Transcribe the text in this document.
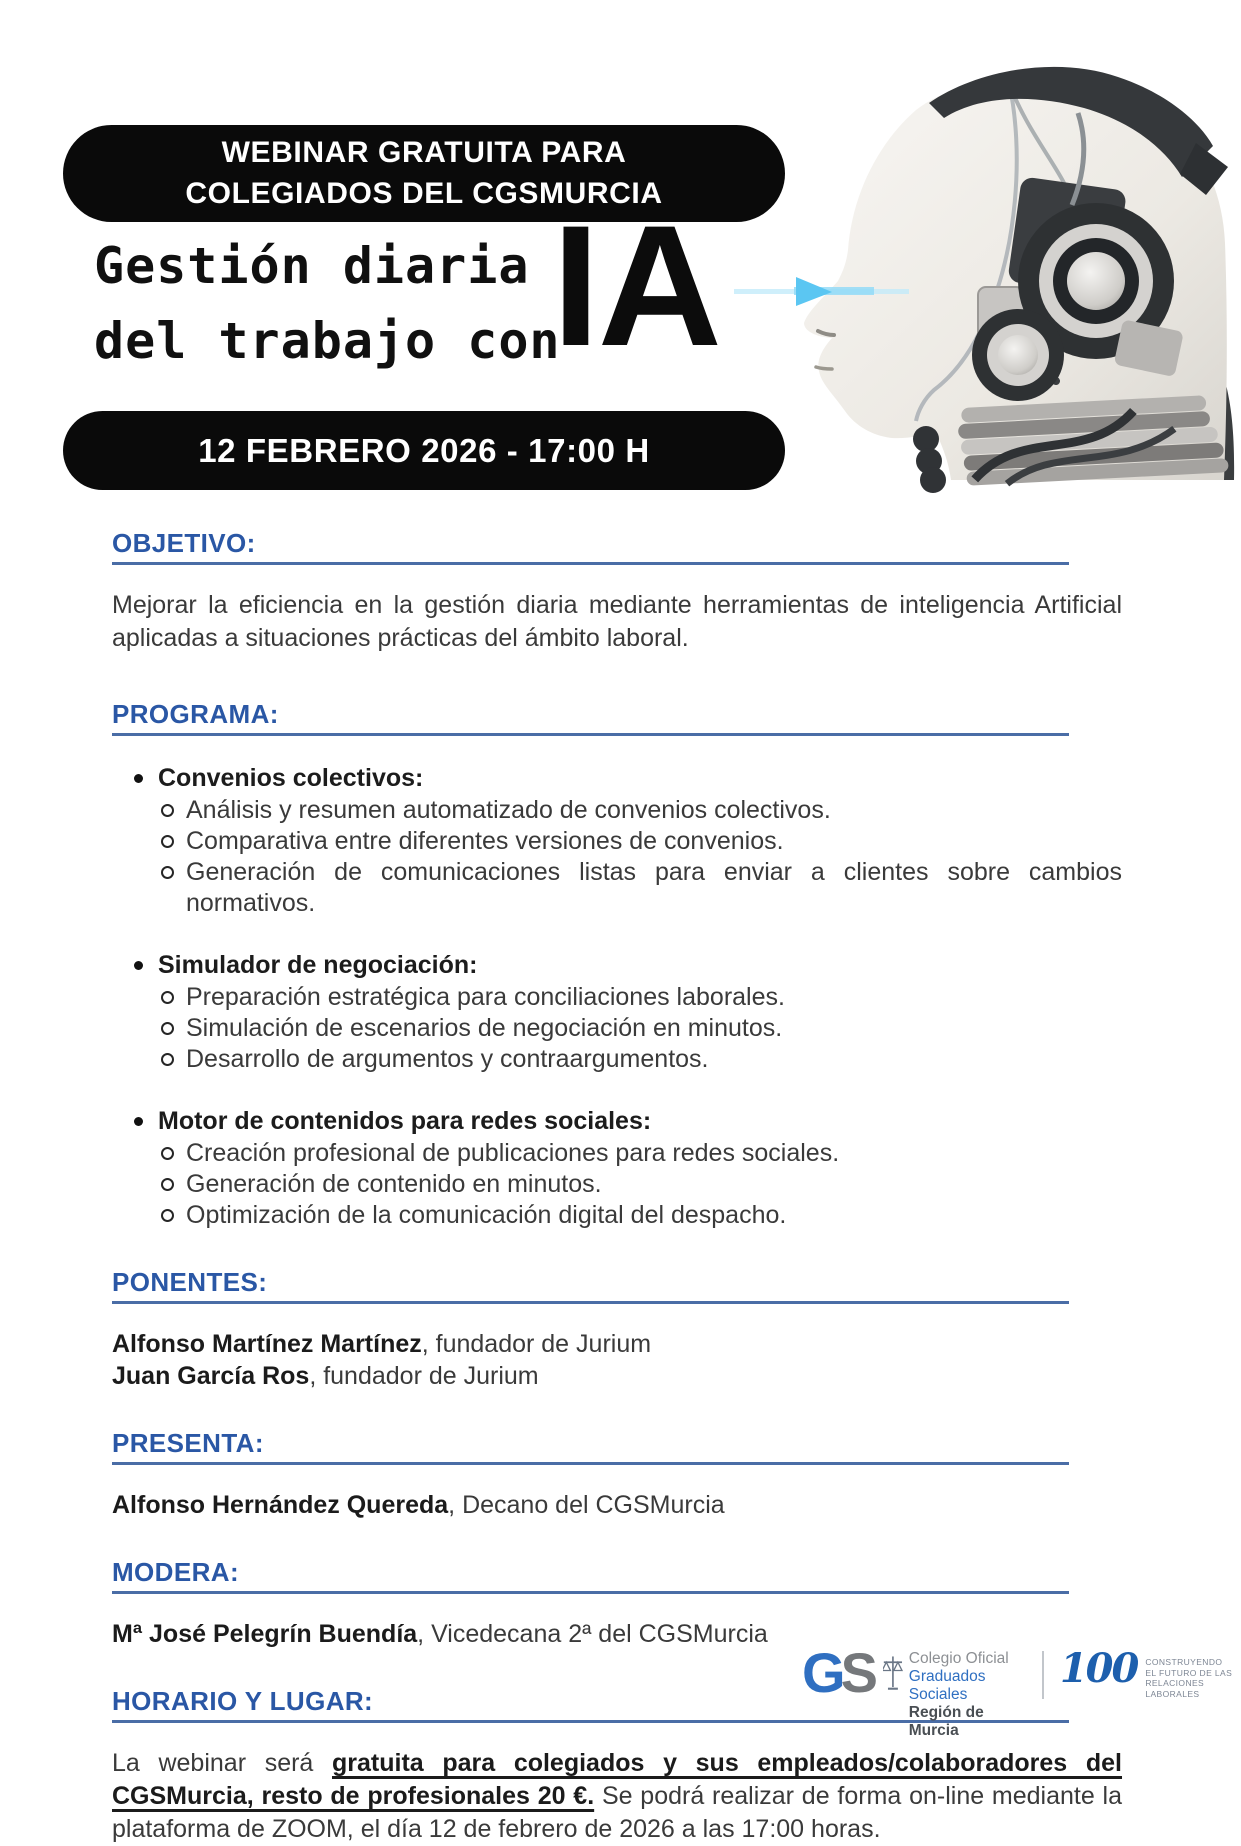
WEBINAR GRATUITA PARA
COLEGIADOS DEL CGSMURCIA
Gestión diaria
del trabajo con
IA
12 FEBRERO 2026 - 17:00 H
OBJETIVO:

Mejorar la eficiencia en la gestión diaria mediante herramientas de inteligencia Artificial aplicadas a situaciones prácticas del ámbito laboral.

PROGRAMA:
Convenios colectivos:
Análisis y resumen automatizado de convenios colectivos.
Comparativa entre diferentes versiones de convenios.
Generación de comunicaciones listas para enviar a clientes sobre cambios normativos.
Simulador de negociación:
Preparación estratégica para conciliaciones laborales.
Simulación de escenarios de negociación en minutos.
Desarrollo de argumentos y contraargumentos.
Motor de contenidos para redes sociales:
Creación profesional de publicaciones para redes sociales.
Generación de contenido en minutos.
Optimización de la comunicación digital del despacho.
PONENTES:

Alfonso Martínez Martínez, fundador de Jurium

Juan García Ros, fundador de Jurium

PRESENTA:

Alfonso Hernández Quereda, Decano del CGSMurcia

MODERA:

Mª José Pelegrín Buendía, Vicedecana 2ª del CGSMurcia

HORARIO Y LUGAR:

La webinar será gratuita para colegiados y sus empleados/colaboradores del CGSMurcia, resto de profesionales 20 €. Se podrá realizar de forma on-line mediante la plataforma de ZOOM, el día 12 de febrero de 2026 a las 17:00 horas.

GS Colegio Oficial
Graduados Sociales
Región de Murcia
100 CONSTRUYENDO
EL FUTURO DE LAS
RELACIONES LABORALES
